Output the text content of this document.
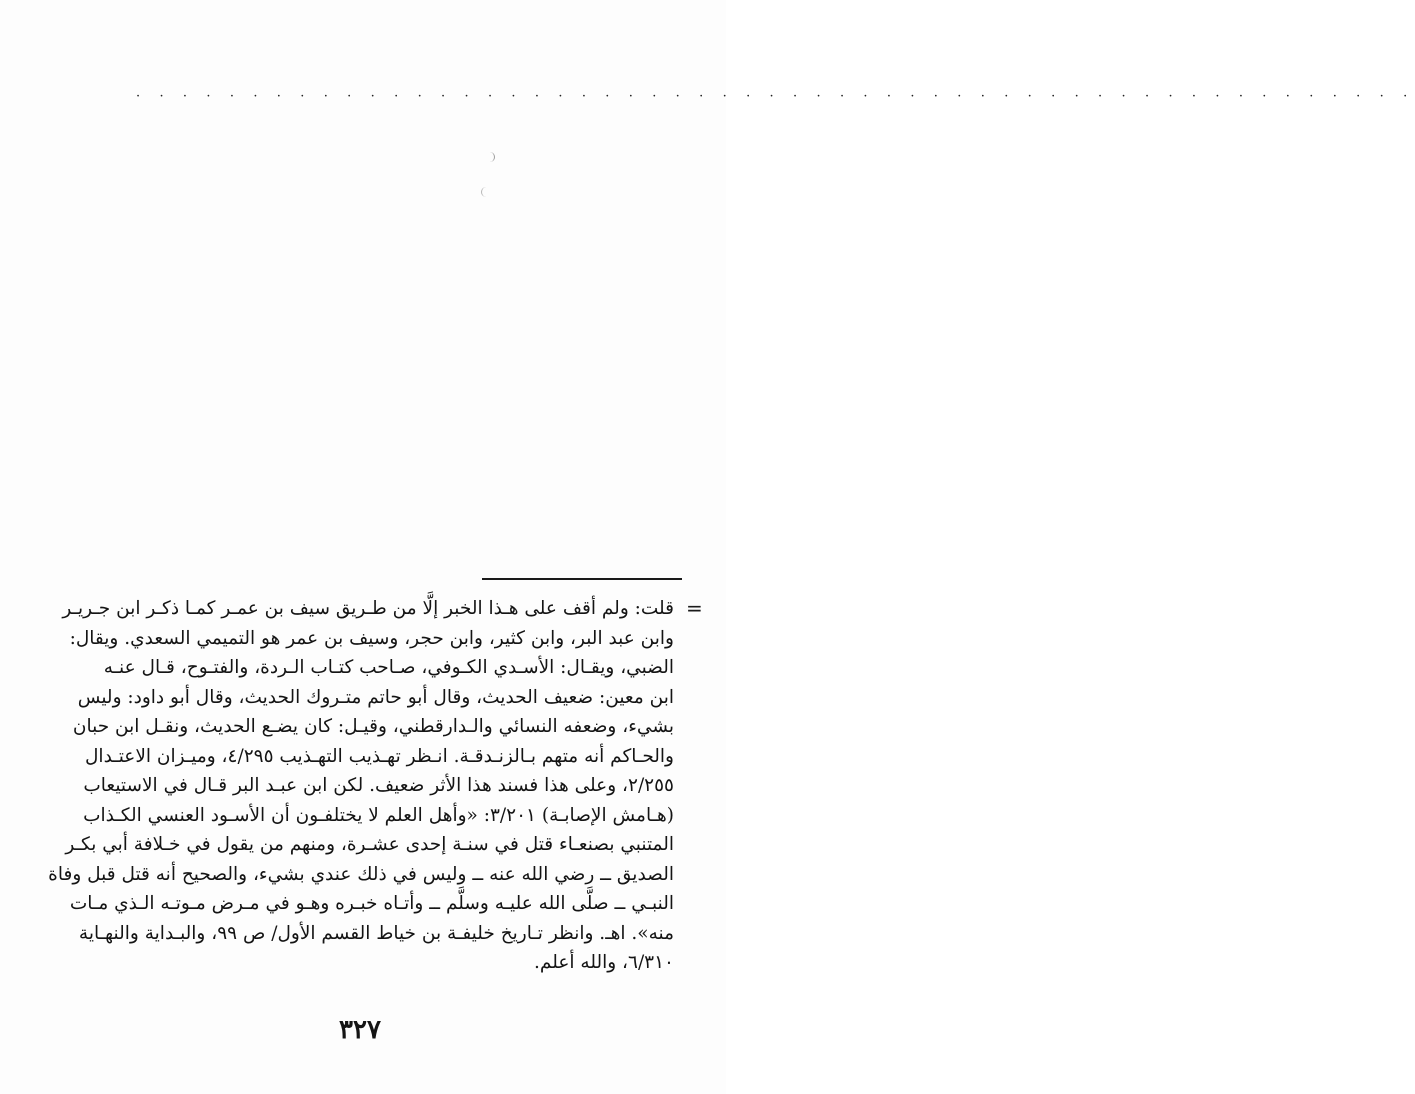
· · · · · · · · · · · · · · · · · · · · · · · · · · · · · · · · · · · · · · · · · · · · · · · · · · · · · · ·
=
قلت: ولم أقف على هـذا الخبر إلَّا من طـريق سيف بن عمـر كمـا ذكـر ابن جـريـر
وابن عبد البر، وابن كثير، وابن حجر، وسيف بن عمر هو التميمي السعدي. ويقال:
الضبي، ويقـال: الأسـدي الكـوفي، صـاحب كتـاب الـردة، والفتـوح، قـال عنـه
ابن معين: ضعيف الحديث، وقال أبو حاتم متـروك الحديث، وقال أبو داود: وليس
بشيء، وضعفه النسائي والـدارقطني، وقيـل: كان يضـع الحديث، ونقـل ابن حبان
والحـاكم أنه متهم بـالزنـدقـة. انـظر تهـذيب التهـذيب ٤/٢٩٥، وميـزان الاعتـدال
٢/٢٥٥، وعلى هذا فسند هذا الأثر ضعيف. لكن ابن عبـد البر قـال في الاستيعاب
(هـامش الإصابـة) ٣/٢٠١: «وأهل العلم لا يختلفـون أن الأسـود العنسي الكـذاب
المتنبي بصنعـاء قتل في سنـة إحدى عشـرة، ومنهم من يقول في خـلافة أبي بكـر
الصديق ــ رضي الله عنه ــ وليس في ذلك عندي بشيء، والصحيح أنه قتل قبل وفاة
النبـي ــ صلَّى الله عليـه وسلَّم ــ وأتـاه خبـره وهـو في مـرض مـوتـه الـذي مـات
منه». اهـ. وانظر تـاريخ خليفـة بن خياط القسم الأول/ ص ٩٩، والبـداية والنهـاية
٦/٣١٠، والله أعلم.
٣٢٧
